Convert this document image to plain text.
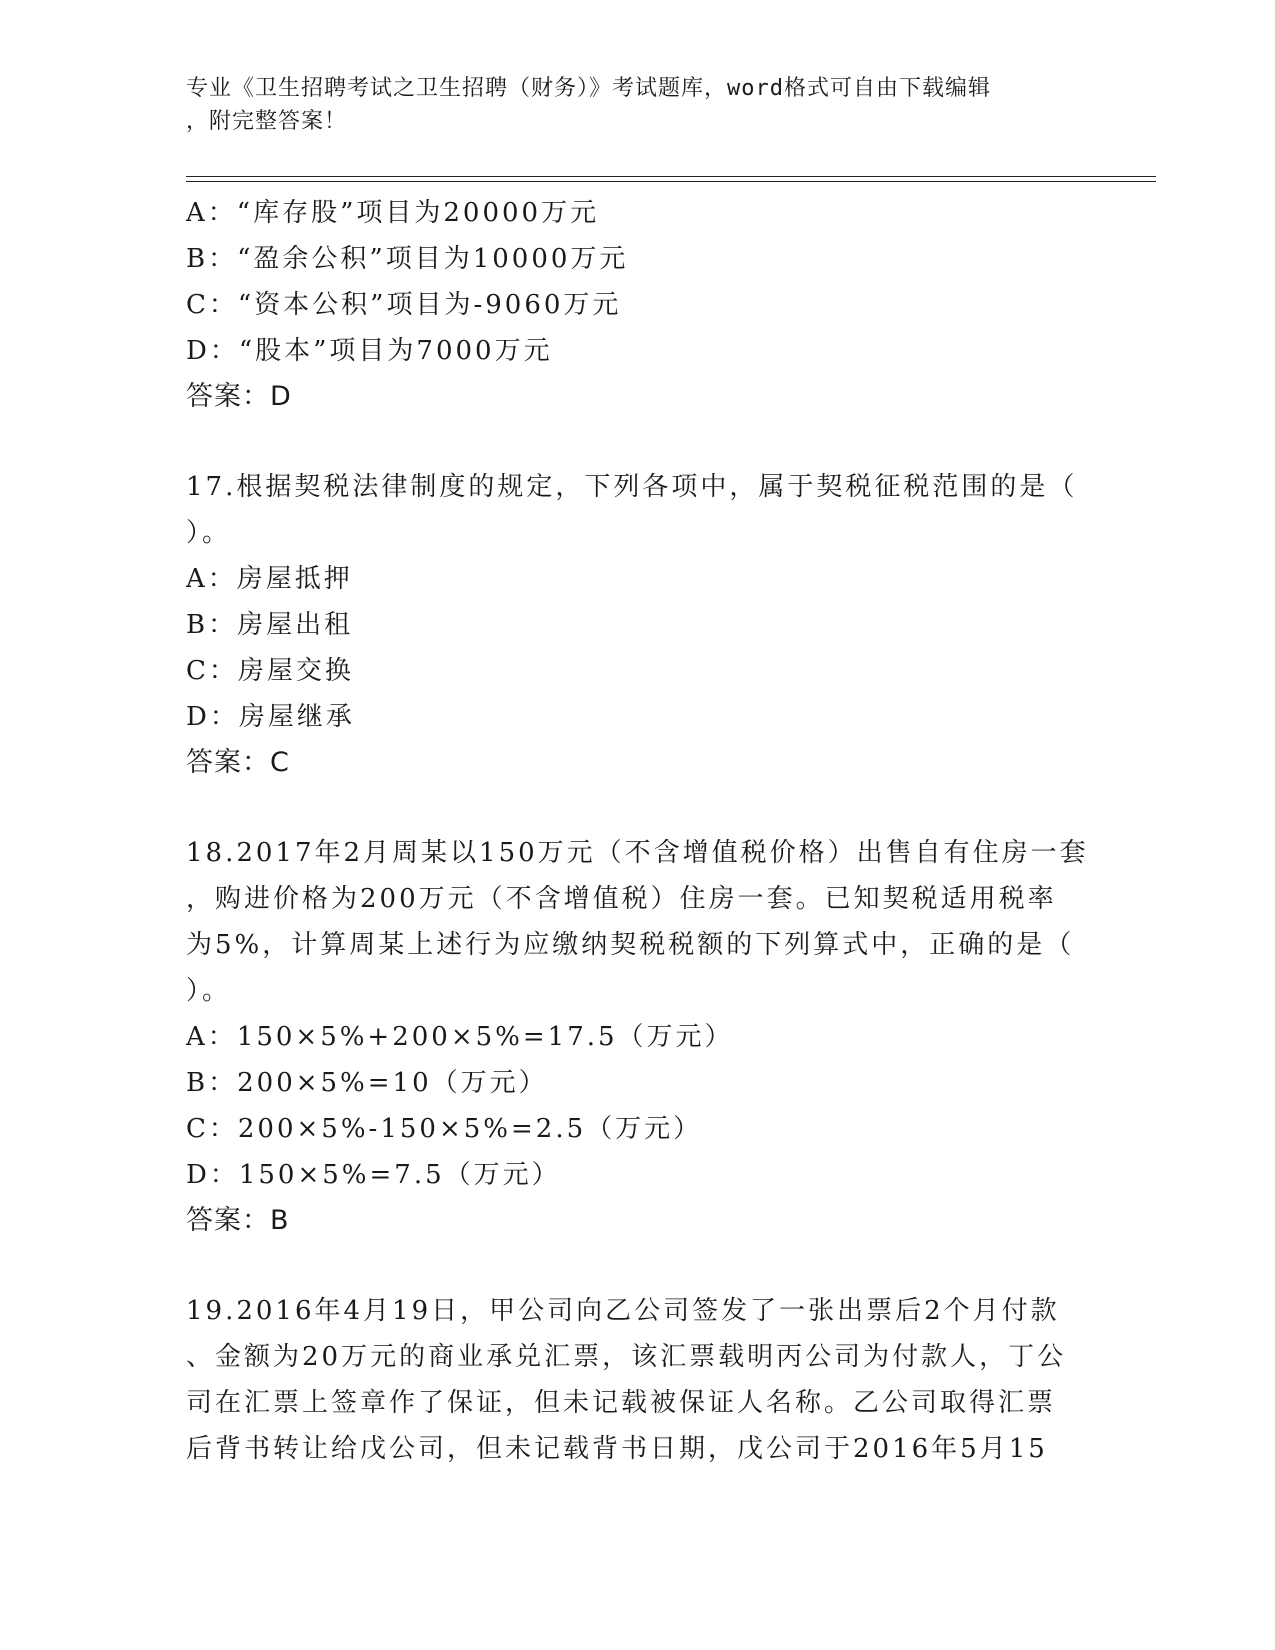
专业《卫生招聘考试之卫生招聘（财务）》考试题库，word格式可自由下载编辑
，附完整答案！
A：“库存股”项目为20000万元
B：“盈余公积”项目为10000万元
C：“资本公积”项目为-9060万元
D：“股本”项目为7000万元
答案：D
17.根据契税法律制度的规定，下列各项中，属于契税征税范围的是（
）。
A：房屋抵押
B：房屋出租
C：房屋交换
D：房屋继承
答案：C
18.2017年2月周某以150万元（不含增值税价格）出售自有住房一套
，购进价格为200万元（不含增值税）住房一套。已知契税适用税率
为5%，计算周某上述行为应缴纳契税税额的下列算式中，正确的是（
）。
A：150×5%+200×5%=17.5（万元）
B：200×5%=10（万元）
C：200×5%-150×5%=2.5（万元）
D：150×5%=7.5（万元）
答案：B
19.2016年4月19日，甲公司向乙公司签发了一张出票后2个月付款
、金额为20万元的商业承兑汇票，该汇票载明丙公司为付款人，丁公
司在汇票上签章作了保证，但未记载被保证人名称。乙公司取得汇票
后背书转让给戊公司，但未记载背书日期，戊公司于2016年5月15
